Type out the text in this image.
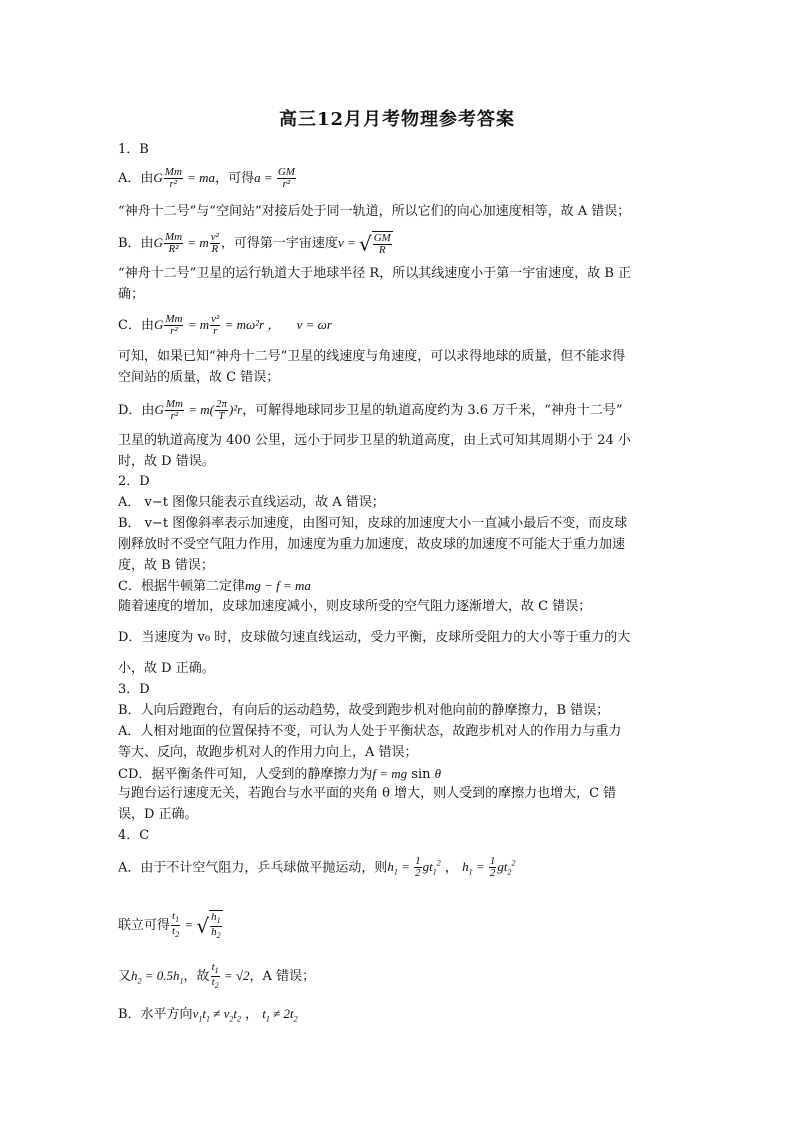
高三12月月考物理参考答案
1．B
A．由G $\frac{Mm}{\text{r²}}$ = ma，可得$a = \frac{GM}{\text{r²}}$
“神舟十二号”与“空间站”对接后处于同一轨道，所以它们的向心加速度相等，故 A 错误；
B．由G $\frac{Mm}{\text{R²}} = m \frac{\text{v²}}{R}$ ，可得第一宇宙速度v = √ $\frac{GM}{R}$
“神舟十二号”卫星的运行轨道大于地球半径 R，所以其线速度小于第一宇宙速度，故 B 正
确；
C．由G $\frac{Mm}{\text{r²}} = m \frac{\text{v²}}{r} = m\omega^2r$ ，     v = ωr
可知，如果已知“神舟十二号”卫星的线速度与角速度，可以求得地球的质量，但不能求得
空间站的质量，故 C 错误；
D．由G $\frac{Mm}{\text{r²}} = m( \frac{2\pi}{T} )^2r$，可解得地球同步卫星的轨道高度约为 3.6 万千米，“神舟十二号”
卫星的轨道高度为 400 公里，远小于同步卫星的轨道高度，由上式可知其周期小于 24 小
时，故 D 错误。
2．D
A． v−t 图像只能表示直线运动，故 A 错误；
B． v−t 图像斜率表示加速度，由图可知，皮球的加速度大小一直减小最后不变，而皮球
刚释放时不受空气阻力作用，加速度为重力加速度，故皮球的加速度不可能大于重力加速
度，故 B 错误；
C．根据牛顿第二定律mg − f = ma
随着速度的增加，皮球加速度减小，则皮球所受的空气阻力逐渐增大，故 C 错误；
D．当速度为 v₀ 时，皮球做匀速直线运动，受力平衡，皮球所受阻力的大小等于重力的大
小，故 D 正确。
3．D
B．人向后蹬跑台，有向后的运动趋势，故受到跑步机对他向前的静摩擦力，B 错误；
A．人相对地面的位置保持不变，可认为人处于平衡状态，故跑步机对人的作用力与重力
等大、反向，故跑步机对人的作用力向上，A 错误；
CD．据平衡条件可知，人受到的静摩擦力为f = mg sin θ
与跑台运行速度无关，若跑台与水平面的夹角 θ 增大，则人受到的摩擦力也增大，C 错
误，D 正确。
4．C
A．由于不计空气阻力，乒乓球做平抛运动，则$h_1 = \frac{1}{2} gt_1^2$ ， $h_1 = \frac{1}{2} gt_2^2$
联立可得 $\frac{t_1}{t_2}$ = √ $\frac{h_1}{h_2}$
又$h_2 = 0.5h_1$，故 $\frac{t_1}{t_2} = √2$，A 错误；
B．水平方向$v_1t_1 \ne v_2t_2$ ， $t_1 \ne 2t_2$
